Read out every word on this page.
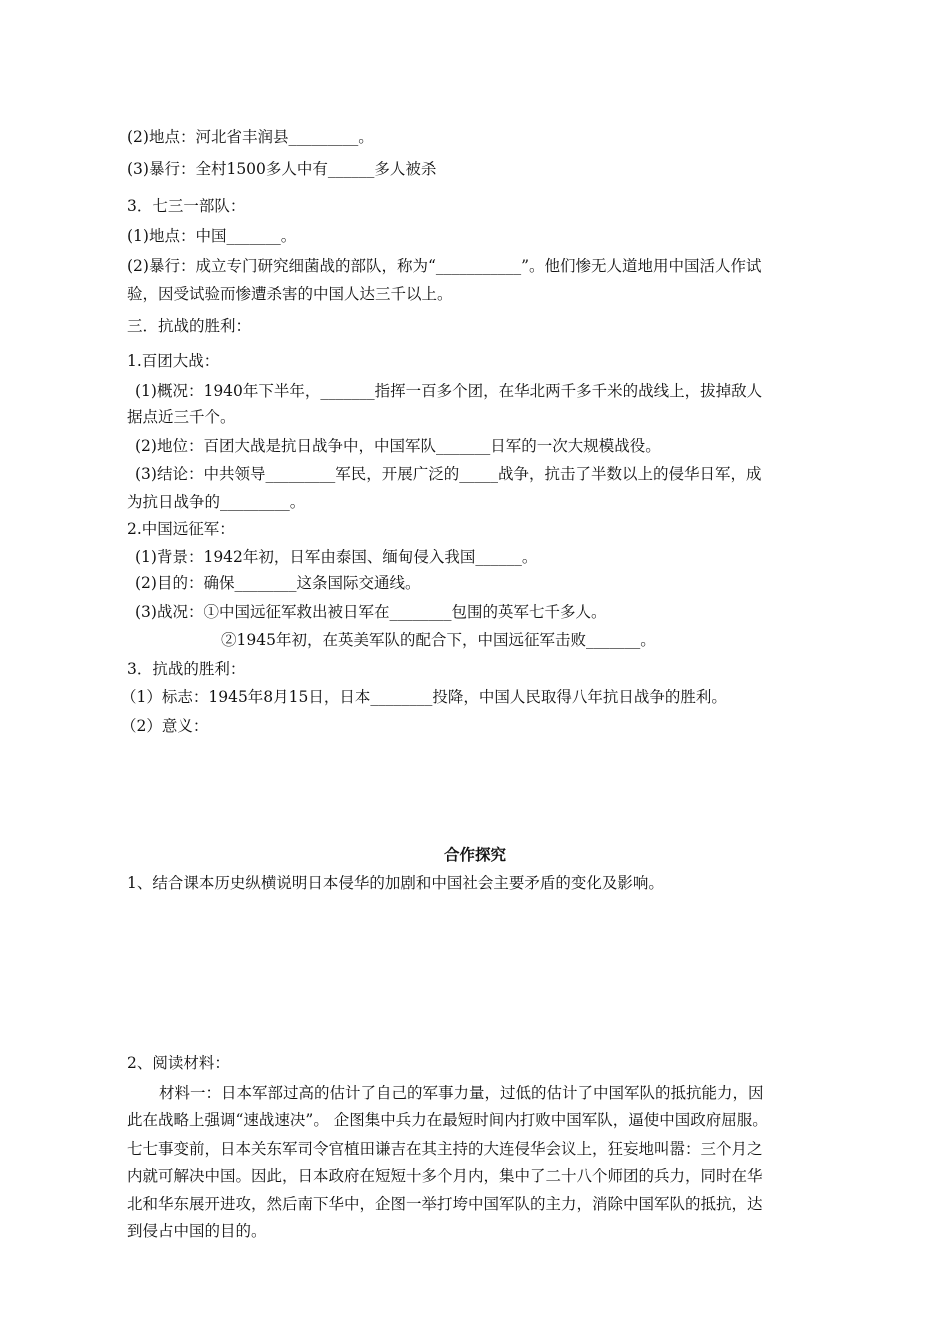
(2)地点：河北省丰润县_________。
(3)暴行：全村1500多人中有______多人被杀
3．七三一部队：
(1)地点：中国_______。
(2)暴行：成立专门研究细菌战的部队，称为“___________”。他们惨无人道地用中国活人作试
验，因受试验而惨遭杀害的中国人达三千以上。
三．抗战的胜利：
1.百团大战：
(1)概况：1940年下半年，_______指挥一百多个团，在华北两千多千米的战线上，拔掉敌人
据点近三千个。
(2)地位：百团大战是抗日战争中，中国军队_______日军的一次大规模战役。
(3)结论：中共领导_________军民，开展广泛的_____战争，抗击了半数以上的侵华日军，成
为抗日战争的_________。
2.中国远征军：
(1)背景：1942年初，日军由泰国、缅甸侵入我国______。
(2)目的：确保________这条国际交通线。
(3)战况：①中国远征军救出被日军在________包围的英军七千多人。
②1945年初，在英美军队的配合下，中国远征军击败_______。
3．抗战的胜利：
（1）标志：1945年8月15日，日本________投降，中国人民取得八年抗日战争的胜利。
（2）意义：
合作探究
1、结合课本历史纵横说明日本侵华的加剧和中国社会主要矛盾的变化及影响。
2、阅读材料：
材料一：日本军部过高的估计了自己的军事力量，过低的估计了中国军队的抵抗能力，因
此在战略上强调“速战速决”。 企图集中兵力在最短时间内打败中国军队，逼使中国政府屈服。
七七事变前，日本关东军司令官植田谦吉在其主持的大连侵华会议上，狂妄地叫嚣：三个月之
内就可解决中国。因此，日本政府在短短十多个月内，集中了二十八个师团的兵力，同时在华
北和华东展开进攻，然后南下华中，企图一举打垮中国军队的主力，消除中国军队的抵抗，达
到侵占中国的目的。
